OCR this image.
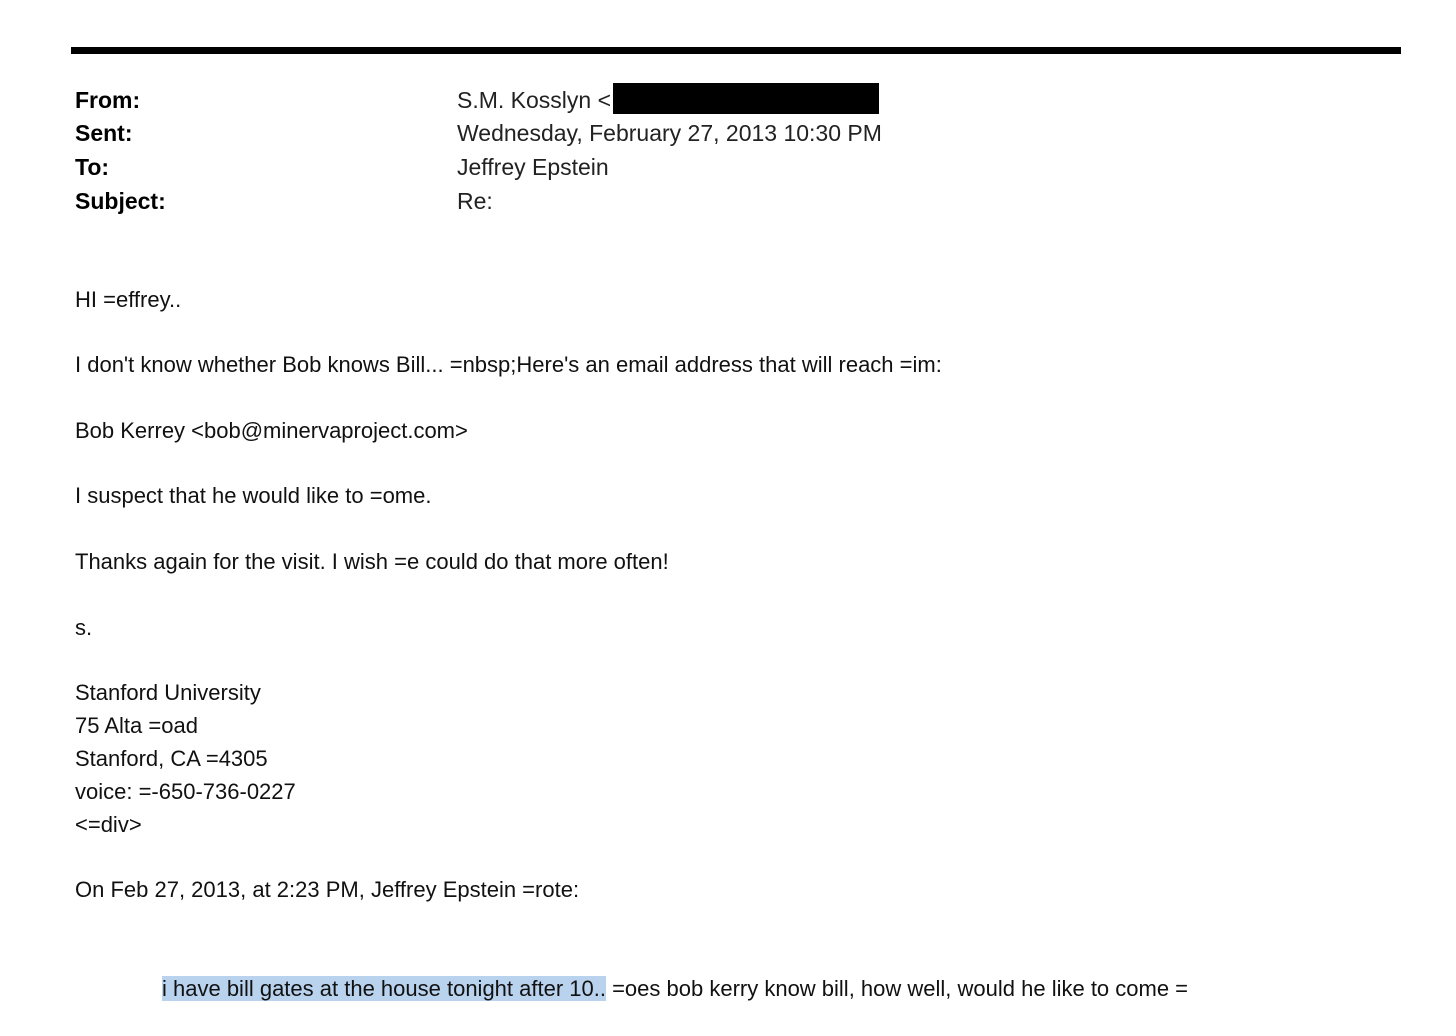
From:	S.M. Kosslyn <
Sent:	Wednesday, February 27, 2013 10:30 PM
To:	Jeffrey Epstein
Subject:	Re:
HI =effrey..
I don't know whether Bob knows Bill... =nbsp;Here's an email address that will reach =im:
Bob Kerrey <bob@minervaproject.com>
I suspect that he would like to =ome.
Thanks again for the visit. I wish =e could do that more often!
s.
Stanford University
75 Alta =oad
Stanford, CA =4305
voice: =-650-736-0227
<=div>
On Feb 27, 2013, at 2:23 PM, Jeffrey Epstein =rote:
i have bill gates at the house tonight after 10.. =oes bob kerry know bill, how well, would he like to come =
